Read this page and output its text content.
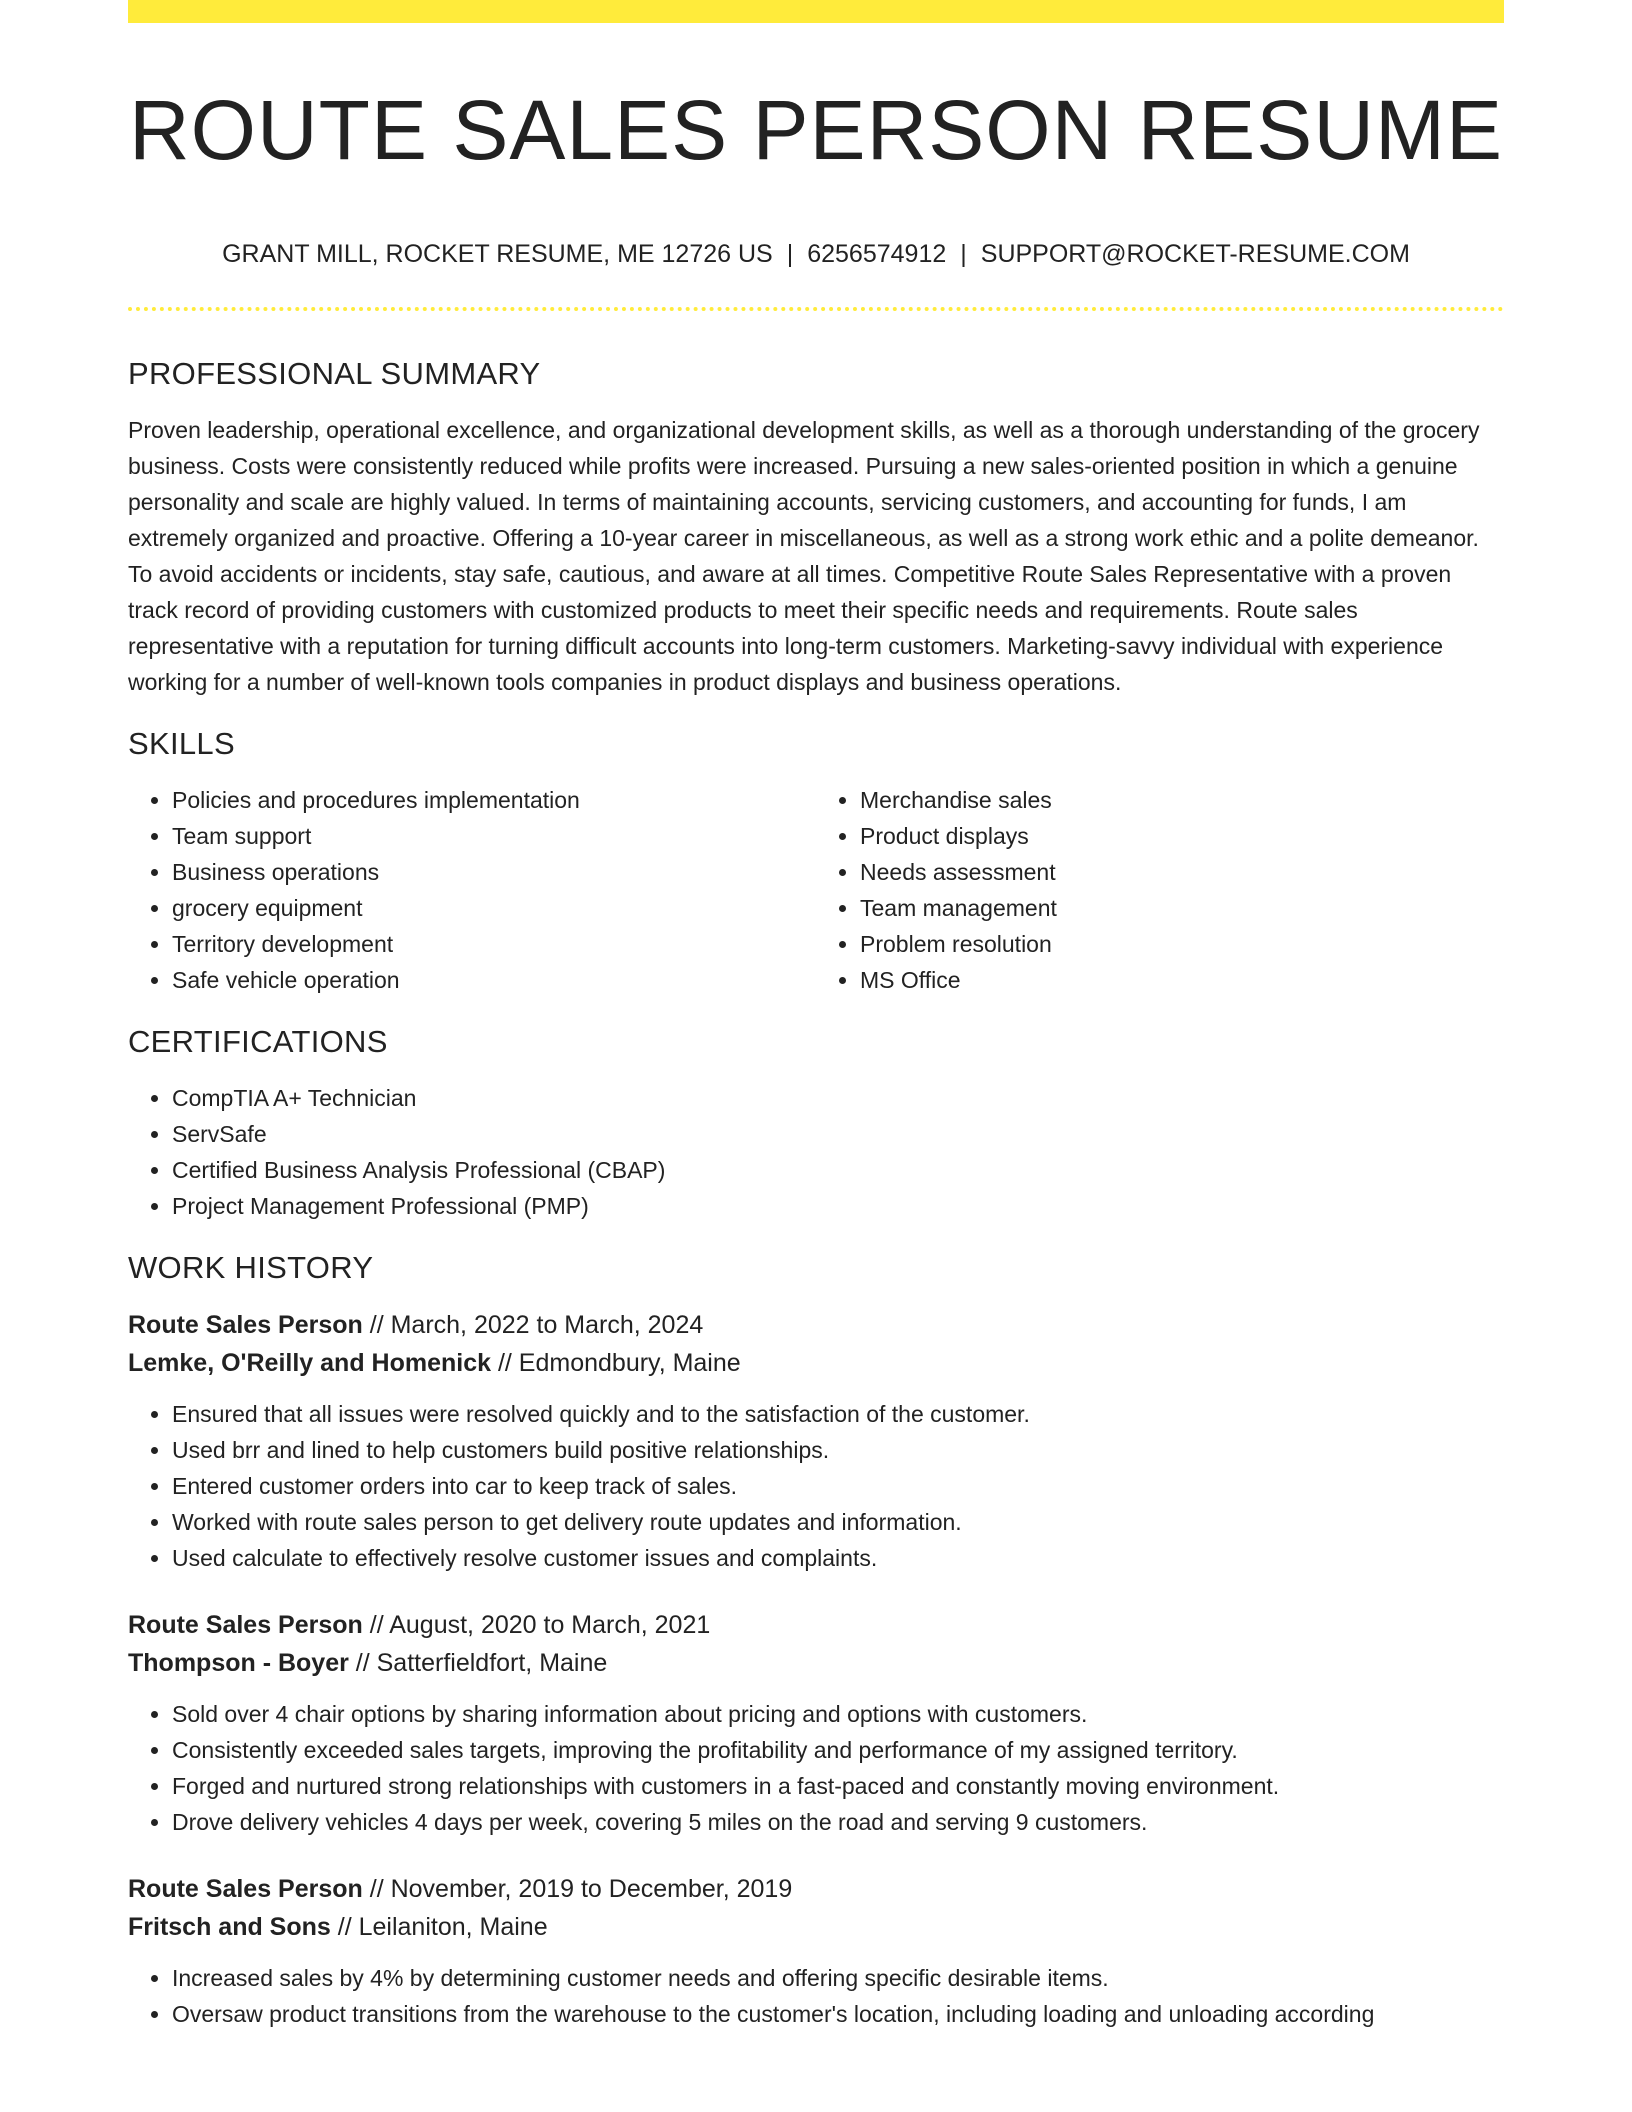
ROUTE SALES PERSON RESUME
GRANT MILL, ROCKET RESUME, ME 12726 US | 6256574912 | SUPPORT@ROCKET-RESUME.COM
PROFESSIONAL SUMMARY

Proven leadership, operational excellence, and organizational development skills, as well as a thorough understanding of the grocery business. Costs were consistently reduced while profits were increased. Pursuing a new sales-oriented position in which a genuine personality and scale are highly valued. In terms of maintaining accounts, servicing customers, and accounting for funds, I am extremely organized and proactive. Offering a 10-year career in miscellaneous, as well as a strong work ethic and a polite demeanor. To avoid accidents or incidents, stay safe, cautious, and aware at all times. Competitive Route Sales Representative with a proven track record of providing customers with customized products to meet their specific needs and requirements. Route sales representative with a reputation for turning difficult accounts into long-term customers. Marketing-savvy individual with experience working for a number of well-known tools companies in product displays and business operations.

SKILLS
• Policies and procedures implementation
• Team support
• Business operations
• grocery equipment
• Territory development
• Safe vehicle operation
• Merchandise sales
• Product displays
• Needs assessment
• Team management
• Problem resolution
• MS Office
CERTIFICATIONS
• CompTIA A+ Technician
• ServSafe
• Certified Business Analysis Professional (CBAP)
• Project Management Professional (PMP)
WORK HISTORY
Route Sales Person // March, 2022 to March, 2024
Lemke, O'Reilly and Homenick // Edmondbury, Maine
• Ensured that all issues were resolved quickly and to the satisfaction of the customer.
• Used brr and lined to help customers build positive relationships.
• Entered customer orders into car to keep track of sales.
• Worked with route sales person to get delivery route updates and information.
• Used calculate to effectively resolve customer issues and complaints.
Route Sales Person // August, 2020 to March, 2021
Thompson - Boyer // Satterfieldfort, Maine
• Sold over 4 chair options by sharing information about pricing and options with customers.
• Consistently exceeded sales targets, improving the profitability and performance of my assigned territory.
• Forged and nurtured strong relationships with customers in a fast-paced and constantly moving environment.
• Drove delivery vehicles 4 days per week, covering 5 miles on the road and serving 9 customers.
Route Sales Person // November, 2019 to December, 2019
Fritsch and Sons // Leilaniton, Maine
• Increased sales by 4% by determining customer needs and offering specific desirable items.
• Oversaw product transitions from the warehouse to the customer's location, including loading and unloading according
